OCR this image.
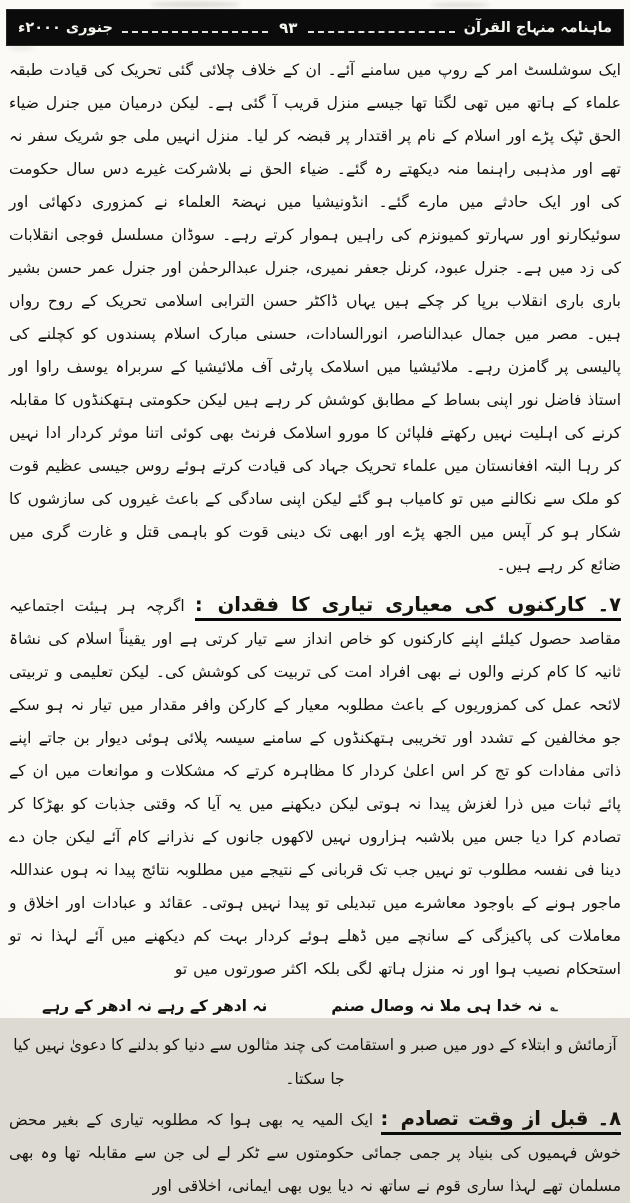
ماہنامہ منہاج القرآن
۹۳
جنوری ۲۰۰۰ء

ایک سوشلسٹ امر کے روپ میں سامنے آئے۔ ان کے خلاف چلائی گئی تحریک کی قیادت طبقہ علماء کے ہاتھ میں تھی لگتا تھا جیسے منزل قریب آ گئی ہے۔ لیکن درمیان میں جنرل ضیاء الحق ٹپک پڑے اور اسلام کے نام پر اقتدار پر قبضہ کر لیا۔ منزل انہیں ملی جو شریک سفر نہ تھے اور مذہبی راہنما منہ دیکھتے رہ گئے۔ ضیاء الحق نے بلاشرکت غیرے دس سال حکومت کی اور ایک حادثے میں مارے گئے۔ انڈونیشیا میں نہضۃ العلماء نے کمزوری دکھائی اور سوئیکارنو اور سہارتو کمیونزم کی راہیں ہموار کرتے رہے۔ سوڈان مسلسل فوجی انقلابات کی زد میں ہے۔ جنرل عبود، کرنل جعفر نمیری، جنرل عبدالرحمٰن اور جنرل عمر حسن بشیر باری باری انقلاب برپا کر چکے ہیں یہاں ڈاکٹر حسن الترابی اسلامی تحریک کے روح رواں ہیں۔ مصر میں جمال عبدالناصر، انورالسادات، حسنی مبارک اسلام پسندوں کو کچلنے کی پالیسی پر گامزن رہے۔ ملائیشیا میں اسلامک پارٹی آف ملائیشیا کے سربراہ یوسف راوا اور استاذ فاضل نور اپنی بساط کے مطابق کوشش کر رہے ہیں لیکن حکومتی ہتھکنڈوں کا مقابلہ کرنے کی اہلیت نہیں رکھتے فلپائن کا مورو اسلامک فرنٹ بھی کوئی اتنا موثر کردار ادا نہیں کر رہا البتہ افغانستان میں علماء تحریک جہاد کی قیادت کرتے ہوئے روس جیسی عظیم قوت کو ملک سے نکالنے میں تو کامیاب ہو گئے لیکن اپنی سادگی کے باعث غیروں کی سازشوں کا شکار ہو کر آپس میں الجھ پڑے اور ابھی تک دینی قوت کو باہمی قتل و غارت گری میں ضائع کر رہے ہیں۔

۷۔ کارکنوں کی معیاری تیاری کا فقدان : اگرچہ ہر ہیئت اجتماعیہ مقاصد حصول کیلئے اپنے کارکنوں کو خاص انداز سے تیار کرتی ہے اور یقیناً اسلام کی نشاۃ ثانیہ کا کام کرنے والوں نے بھی افراد امت کی تربیت کی کوشش کی۔ لیکن تعلیمی و تربیتی لائحہ عمل کی کمزوریوں کے باعث مطلوبہ معیار کے کارکن وافر مقدار میں تیار نہ ہو سکے جو مخالفین کے تشدد اور تخریبی ہتھکنڈوں کے سامنے سیسہ پلائی ہوئی دیوار بن جاتے اپنے ذاتی مفادات کو تج کر اس اعلیٰ کردار کا مظاہرہ کرتے کہ مشکلات و موانعات میں ان کے پائے ثبات میں ذرا لغزش پیدا نہ ہوتی لیکن دیکھنے میں یہ آیا کہ وقتی جذبات کو بھڑکا کر تصادم کرا دیا جس میں بلاشبہ ہزاروں نہیں لاکھوں جانوں کے نذرانے کام آئے لیکن جان دے دینا فی نفسہ مطلوب تو نہیں جب تک قربانی کے نتیجے میں مطلوبہ نتائج پیدا نہ ہوں عنداللہ ماجور ہونے کے باوجود معاشرے میں تبدیلی تو پیدا نہیں ہوتی۔ عقائد و عبادات اور اخلاق و معاملات کی پاکیزگی کے سانچے میں ڈھلے ہوئے کردار بہت کم دیکھنے میں آئے لہذا نہ تو استحکام نصیب ہوا اور نہ منزل ہاتھ لگی بلکہ اکثر صورتوں میں تو

؎
نہ خدا ہی ملا نہ وصال صنم
نہ ادھر کے رہے نہ ادھر کے رہے

آزمائش و ابتلاء کے دور میں صبر و استقامت کی چند مثالوں سے دنیا کو بدلنے کا دعویٰ نہیں کیا جا سکتا۔

۸۔ قبل از وقت تصادم : ایک المیہ یہ بھی ہوا کہ مطلوبہ تیاری کے بغیر محض خوش فہمیوں کی بنیاد پر جمی جمائی حکومتوں سے ٹکر لے لی جن سے مقابلہ تھا وہ بھی مسلمان تھے لہذا ساری قوم نے ساتھ نہ دیا یوں بھی ایمانی، اخلاقی اور
